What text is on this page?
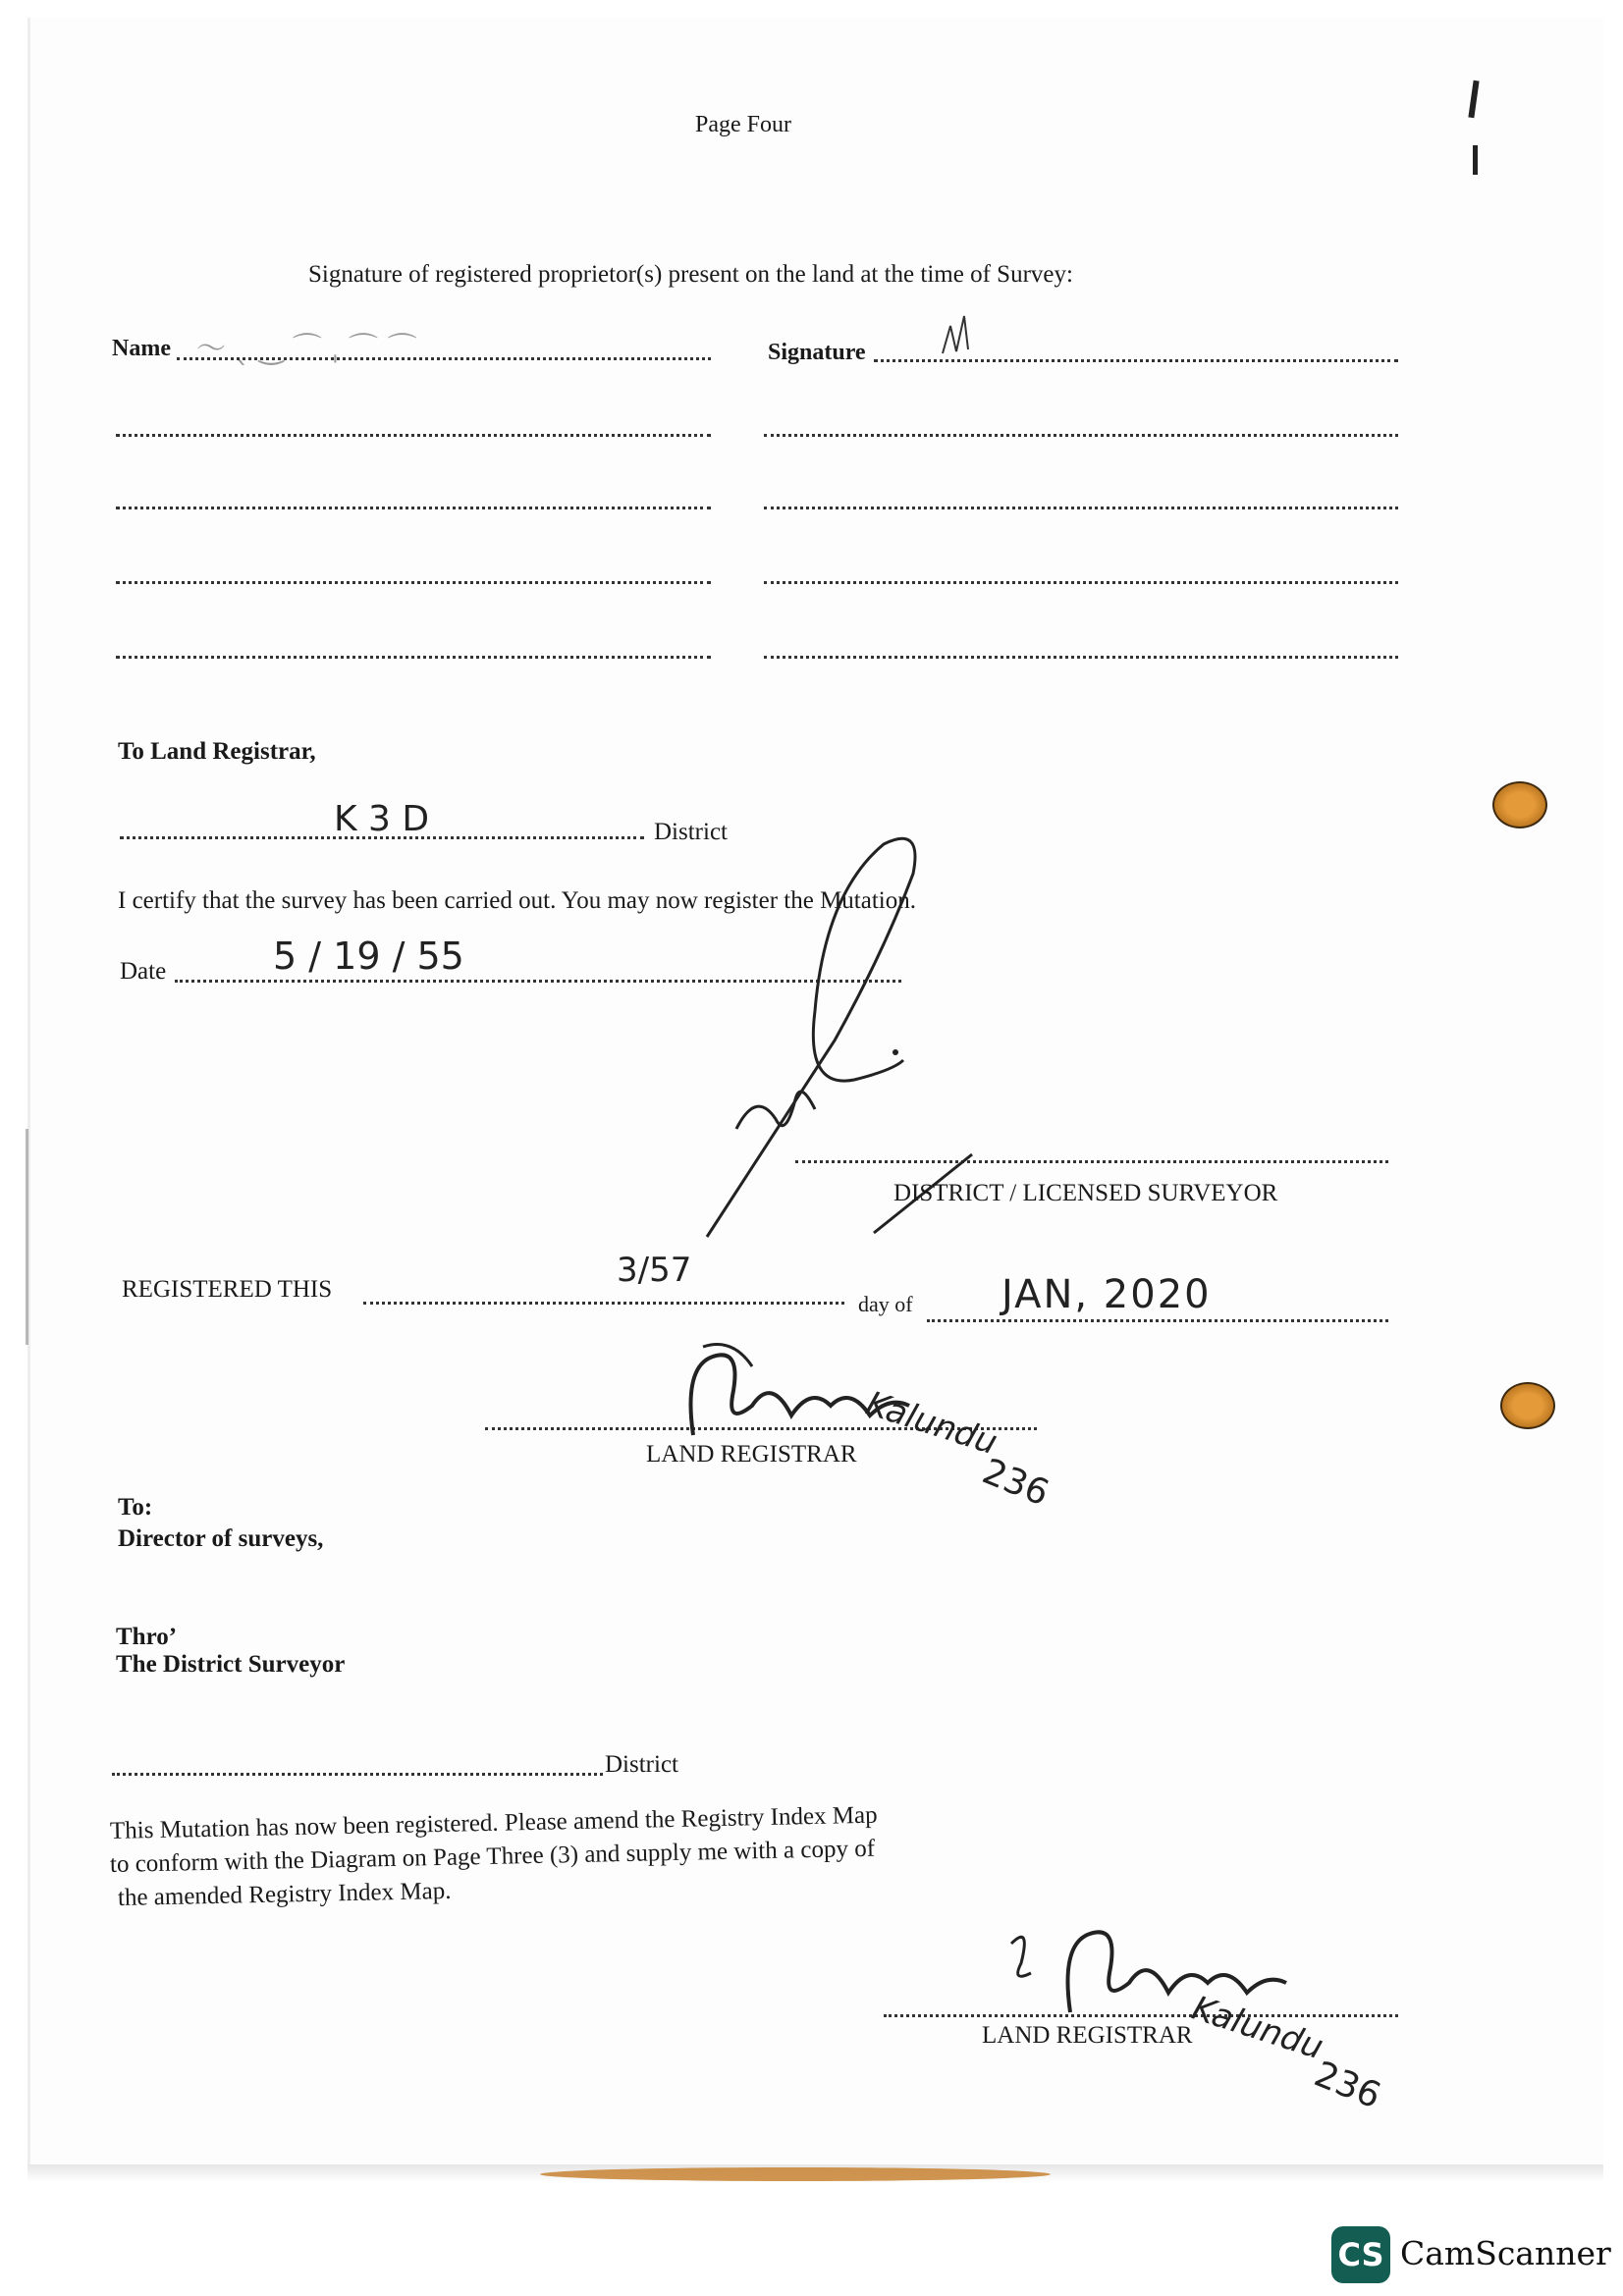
Page Four
Signature of registered proprietor(s) present on the land at the time of Survey:
Name 〜 ˎ ‿ ⌒ ˌ ⌒ ⌒	Signature
To Land Registrar,
K 3 D	District
I certify that the survey has been carried out. You may now register the Mutation.
Date	5 / 19 / 55
DISTRICT / LICENSED SURVEYOR
REGISTERED THIS	3/57
day of JAN, 2020
Kalundu
236
LAND REGISTRAR
To:
Director of surveys,
Thro’
The District Surveyor
District
This Mutation has now been registered. Please amend the Registry Index Map
to conform with the Diagram on Page Three (3) and supply me with a copy of
the amended Registry Index Map.
LAND REGISTRAR
Kalundu
236
CS CamScanner
